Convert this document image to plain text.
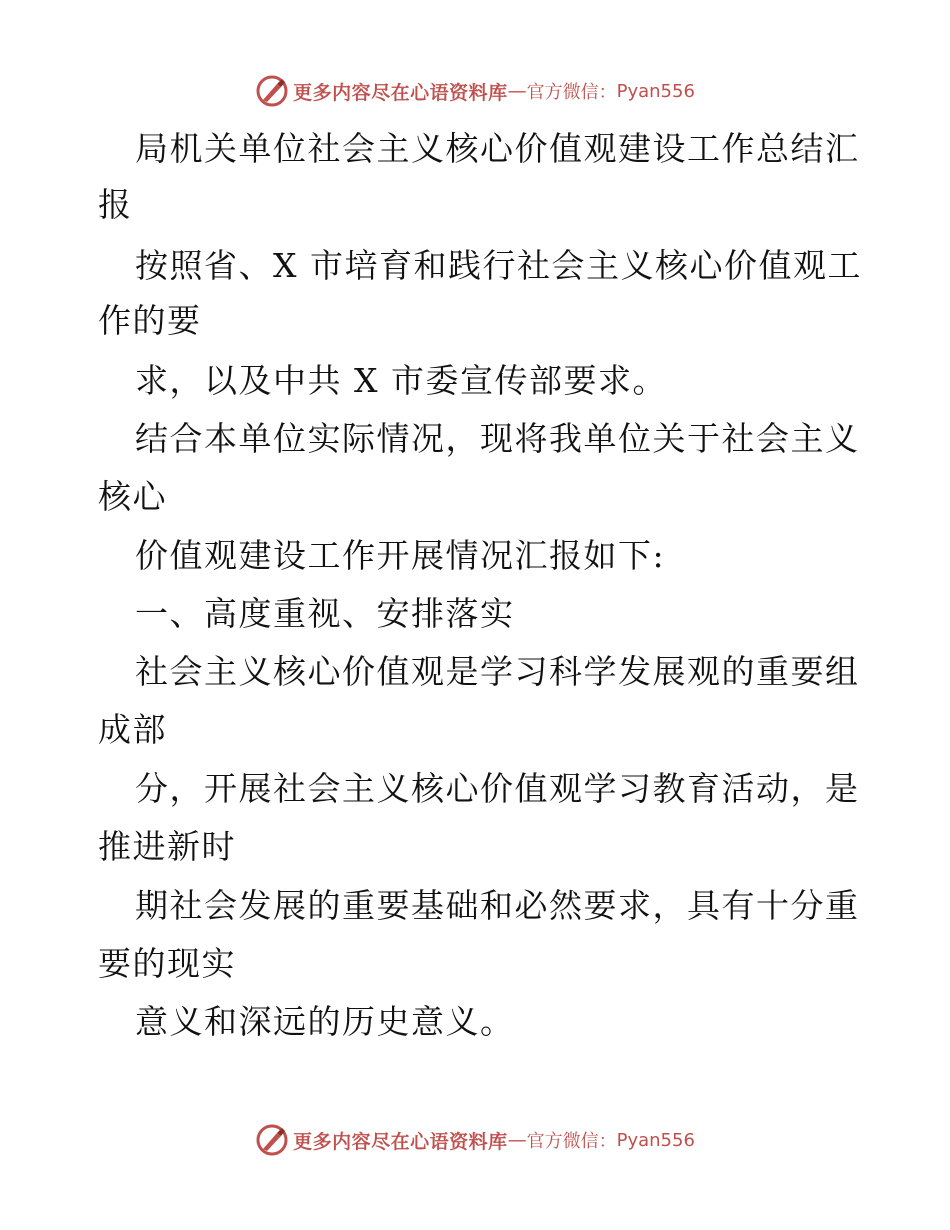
更多内容尽在心语资料库 — 官方微信： Pyan556
局机关单位社会主义核心价值观建设工作总结汇
报
按照省、X 市培育和践行社会主义核心价值观工
作的要
求，以及中共 X 市委宣传部要求。
结合本单位实际情况，现将我单位关于社会主义
核心
价值观建设工作开展情况汇报如下:
一、高度重视、安排落实
社会主义核心价值观是学习科学发展观的重要组
成部
分，开展社会主义核心价值观学习教育活动，是
推进新时
期社会发展的重要基础和必然要求，具有十分重
要的现实
意义和深远的历史意义。
更多内容尽在心语资料库 — 官方微信： Pyan556
